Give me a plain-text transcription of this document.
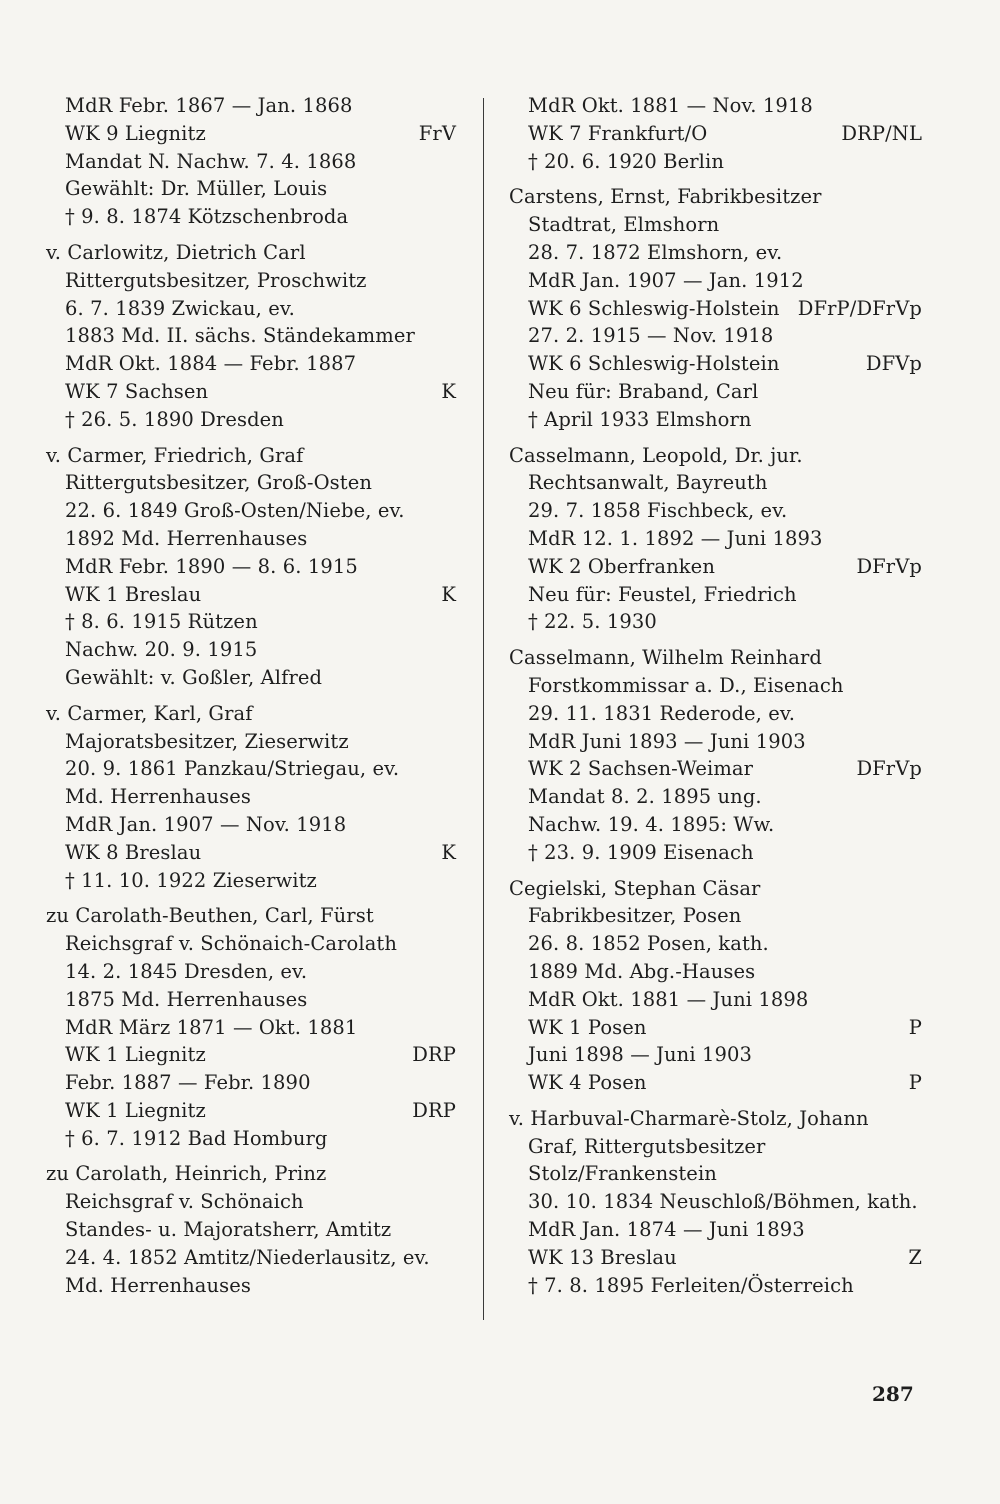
MdR Febr. 1867 — Jan. 1868
WK 9 Liegnitz	FrV
Mandat N. Nachw. 7. 4. 1868
Gewählt: Dr. Müller, Louis
† 9. 8. 1874 Kötzschenbroda
v. Carlowitz, Dietrich Carl
Rittergutsbesitzer, Proschwitz
6. 7. 1839 Zwickau, ev.
1883 Md. II. sächs. Ständekammer
MdR Okt. 1884 — Febr. 1887
WK 7 Sachsen	K
† 26. 5. 1890 Dresden
v. Carmer, Friedrich, Graf
Rittergutsbesitzer, Groß-Osten
22. 6. 1849 Groß-Osten/Niebe, ev.
1892 Md. Herrenhauses
MdR Febr. 1890 — 8. 6. 1915
WK 1 Breslau	K
† 8. 6. 1915 Rützen
Nachw. 20. 9. 1915
Gewählt: v. Goßler, Alfred
v. Carmer, Karl, Graf
Majoratsbesitzer, Zieserwitz
20. 9. 1861 Panzkau/Striegau, ev.
Md. Herrenhauses
MdR Jan. 1907 — Nov. 1918
WK 8 Breslau	K
† 11. 10. 1922 Zieserwitz
zu Carolath-Beuthen, Carl, Fürst
Reichsgraf v. Schönaich-Carolath
14. 2. 1845 Dresden, ev.
1875 Md. Herrenhauses
MdR März 1871 — Okt. 1881
WK 1 Liegnitz	DRP
Febr. 1887 — Febr. 1890
WK 1 Liegnitz	DRP
† 6. 7. 1912 Bad Homburg
zu Carolath, Heinrich, Prinz
Reichsgraf v. Schönaich
Standes- u. Majoratsherr, Amtitz
24. 4. 1852 Amtitz/Niederlausitz, ev.
Md. Herrenhauses
MdR Okt. 1881 — Nov. 1918
WK 7 Frankfurt/O	DRP/NL
† 20. 6. 1920 Berlin
Carstens, Ernst, Fabrikbesitzer
Stadtrat, Elmshorn
28. 7. 1872 Elmshorn, ev.
MdR Jan. 1907 — Jan. 1912
WK 6 Schleswig-Holstein DFrP/DFrVp
27. 2. 1915 — Nov. 1918
WK 6 Schleswig-Holstein	DFVp
Neu für: Braband, Carl
† April 1933 Elmshorn
Casselmann, Leopold, Dr. jur.
Rechtsanwalt, Bayreuth
29. 7. 1858 Fischbeck, ev.
MdR 12. 1. 1892 — Juni 1893
WK 2 Oberfranken	DFrVp
Neu für: Feustel, Friedrich
† 22. 5. 1930
Casselmann, Wilhelm Reinhard
Forstkommissar a. D., Eisenach
29. 11. 1831 Rederode, ev.
MdR Juni 1893 — Juni 1903
WK 2 Sachsen-Weimar	DFrVp
Mandat 8. 2. 1895 ung.
Nachw. 19. 4. 1895: Ww.
† 23. 9. 1909 Eisenach
Cegielski, Stephan Cäsar
Fabrikbesitzer, Posen
26. 8. 1852 Posen, kath.
1889 Md. Abg.-Hauses
MdR Okt. 1881 — Juni 1898
WK 1 Posen	P
Juni 1898 — Juni 1903
WK 4 Posen	P
v. Harbuval-Charmarè-Stolz, Johann
Graf, Rittergutsbesitzer
Stolz/Frankenstein
30. 10. 1834 Neuschloß/Böhmen, kath.
MdR Jan. 1874 — Juni 1893
WK 13 Breslau	Z
† 7. 8. 1895 Ferleiten/Österreich
287
